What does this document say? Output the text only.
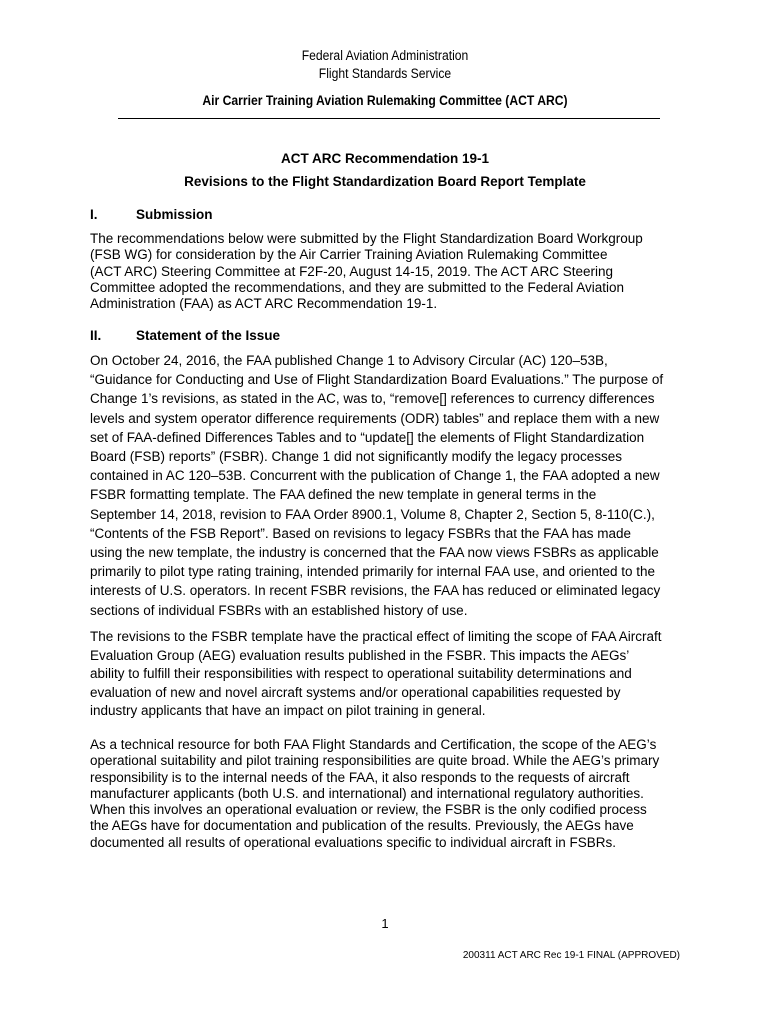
Federal Aviation Administration
Flight Standards Service
Air Carrier Training Aviation Rulemaking Committee (ACT ARC)
ACT ARC Recommendation 19-1
Revisions to the Flight Standardization Board Report Template
I.	Submission
The recommendations below were submitted by the Flight Standardization Board Workgroup
(FSB WG) for consideration by the Air Carrier Training Aviation Rulemaking Committee
(ACT ARC) Steering Committee at F2F-20, August 14-15, 2019. The ACT ARC Steering
Committee adopted the recommendations, and they are submitted to the Federal Aviation
Administration (FAA) as ACT ARC Recommendation 19-1.
II.	Statement of the Issue
On October 24, 2016, the FAA published Change 1 to Advisory Circular (AC) 120–53B,
“Guidance for Conducting and Use of Flight Standardization Board Evaluations.” The purpose of
Change 1’s revisions, as stated in the AC, was to, “remove[] references to currency differences
levels and system operator difference requirements (ODR) tables” and replace them with a new
set of FAA-defined Differences Tables and to “update[] the elements of Flight Standardization
Board (FSB) reports” (FSBR). Change 1 did not significantly modify the legacy processes
contained in AC 120–53B. Concurrent with the publication of Change 1, the FAA adopted a new
FSBR formatting template. The FAA defined the new template in general terms in the
September 14, 2018, revision to FAA Order 8900.1, Volume 8, Chapter 2, Section 5, 8-110(C.),
“Contents of the FSB Report”. Based on revisions to legacy FSBRs that the FAA has made
using the new template, the industry is concerned that the FAA now views FSBRs as applicable
primarily to pilot type rating training, intended primarily for internal FAA use, and oriented to the
interests of U.S. operators. In recent FSBR revisions, the FAA has reduced or eliminated legacy
sections of individual FSBRs with an established history of use.
The revisions to the FSBR template have the practical effect of limiting the scope of FAA Aircraft
Evaluation Group (AEG) evaluation results published in the FSBR. This impacts the AEGs’
ability to fulfill their responsibilities with respect to operational suitability determinations and
evaluation of new and novel aircraft systems and/or operational capabilities requested by
industry applicants that have an impact on pilot training in general.
As a technical resource for both FAA Flight Standards and Certification, the scope of the AEG’s
operational suitability and pilot training responsibilities are quite broad. While the AEG’s primary
responsibility is to the internal needs of the FAA, it also responds to the requests of aircraft
manufacturer applicants (both U.S. and international) and international regulatory authorities.
When this involves an operational evaluation or review, the FSBR is the only codified process
the AEGs have for documentation and publication of the results. Previously, the AEGs have
documented all results of operational evaluations specific to individual aircraft in FSBRs.
1
200311 ACT ARC Rec 19-1 FINAL (APPROVED)
